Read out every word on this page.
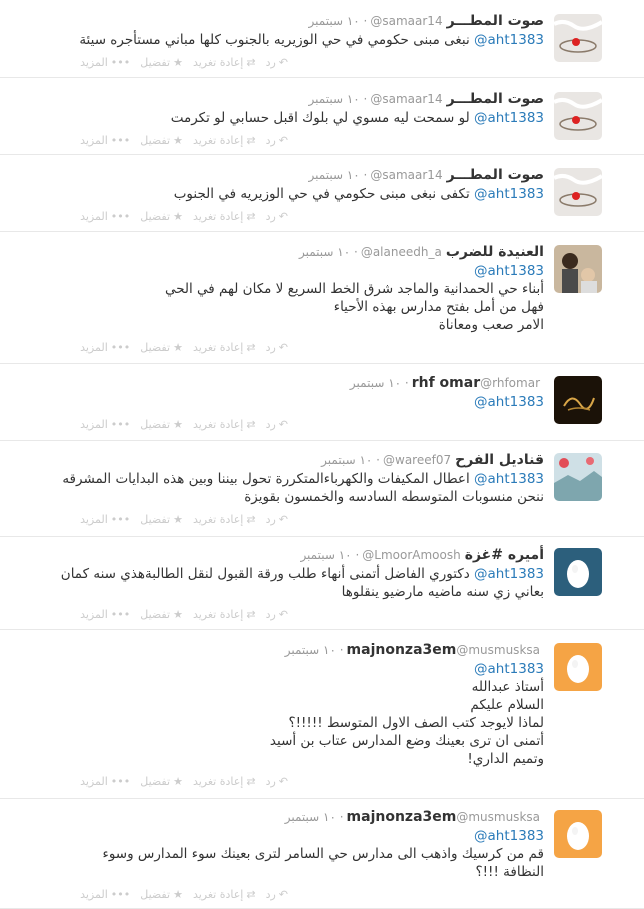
صوت المطـــر@samaar14· ١٠ سبتمبر
@aht1383 نبغى مبنى حكومي في حي الوزيريه بالجنوب كلها مباني مستأجره سيئة
↶رد⇄إعادة تغريد★تفضيل•••المزيد
صوت المطـــر@samaar14· ١٠ سبتمبر
@aht1383 لو سمحت ليه مسوي لي بلوك اقبل حسابي لو تكرمت
↶رد⇄إعادة تغريد★تفضيل•••المزيد
صوت المطـــر@samaar14· ١٠ سبتمبر
@aht1383 تكفى نبغى مبنى حكومي في حي الوزيريه في الجنوب
↶رد⇄إعادة تغريد★تفضيل•••المزيد
العنيدة للضرب@alaneedh_a· ١٠ سبتمبر
@aht1383
أبناء حي الحمدانية والماجد شرق الخط السريع لا مكان لهم في الحي
فهل من أمل بفتح مدارس بهذه الأحياء
الامر صعب ومعاناة
↶رد⇄إعادة تغريد★تفضيل•••المزيد
rhf omar@rhfomar· ١٠ سبتمبر
@aht1383
↶رد⇄إعادة تغريد★تفضيل•••المزيد
قناديل الفرح@wareef07· ١٠ سبتمبر
@aht1383 اعطال المكيفات والكهرباءالمتكررة تحول بيننا وبين هذه البدايات المشرقه
ننحن منسوبات المتوسطه السادسه والخمسون بقويزة
↶رد⇄إعادة تغريد★تفضيل•••المزيد
أميره #غزة@LmoorAmoosh· ١٠ سبتمبر
@aht1383 دكتوري الفاضل أتمنى أنهاء طلب ورقة القبول لنقل الطالبةهذي سنه كمان
بعاني زي سنه ماضيه مارضيو ينقلوها
↶رد⇄إعادة تغريد★تفضيل•••المزيد
majnonza3em@musmusksa· ١٠ سبتمبر
@aht1383
أستاذ عبدالله
السلام عليكم
لماذا لايوجد كتب الصف الاول المتوسط !!!!!؟
أتمنى ان ترى بعينك وضع المدارس عتاب بن أسيد
وتميم الداري!
↶رد⇄إعادة تغريد★تفضيل•••المزيد
majnonza3em@musmusksa· ١٠ سبتمبر
@aht1383
قم من كرسيك واذهب الى مدارس حي السامر لترى بعينك سوء المدارس وسوء
النظافة !!!؟
↶رد⇄إعادة تغريد★تفضيل•••المزيد
